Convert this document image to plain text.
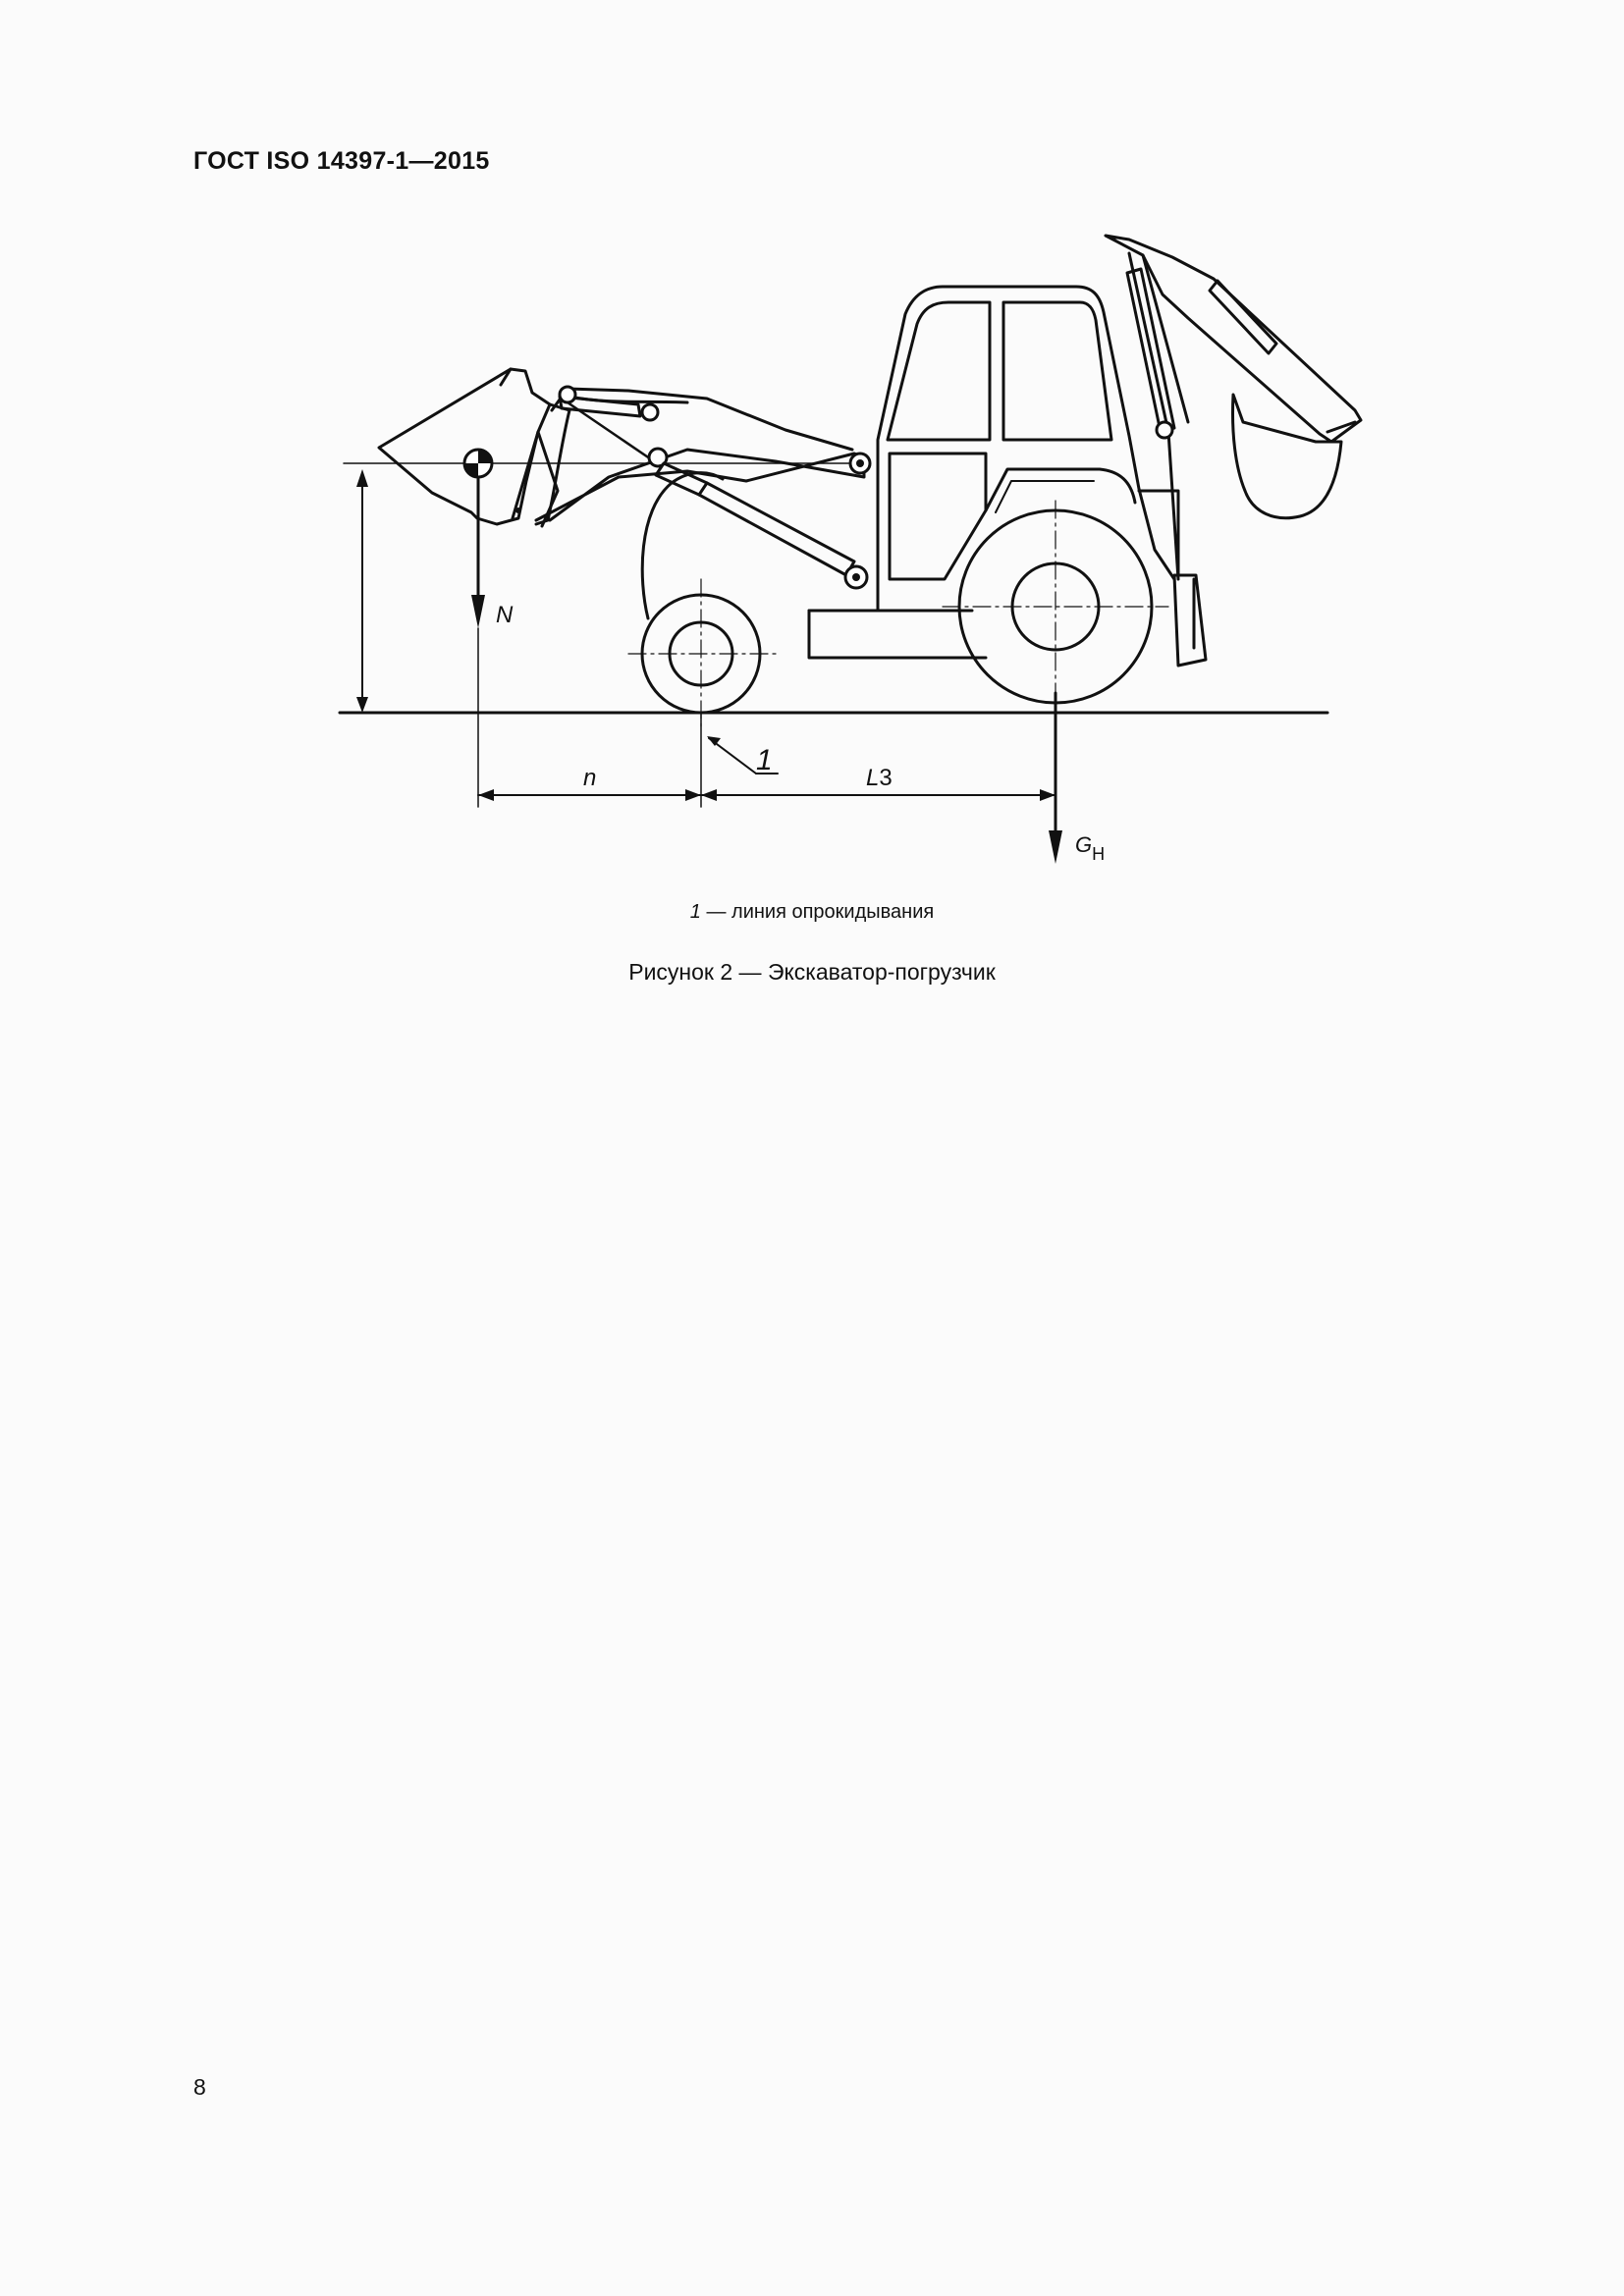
ГОСТ ISO 14397-1—2015
N
$G_H$
1
n	L3
1 — линия опрокидывания
Рисунок 2 — Экскаватор-погрузчик
8
